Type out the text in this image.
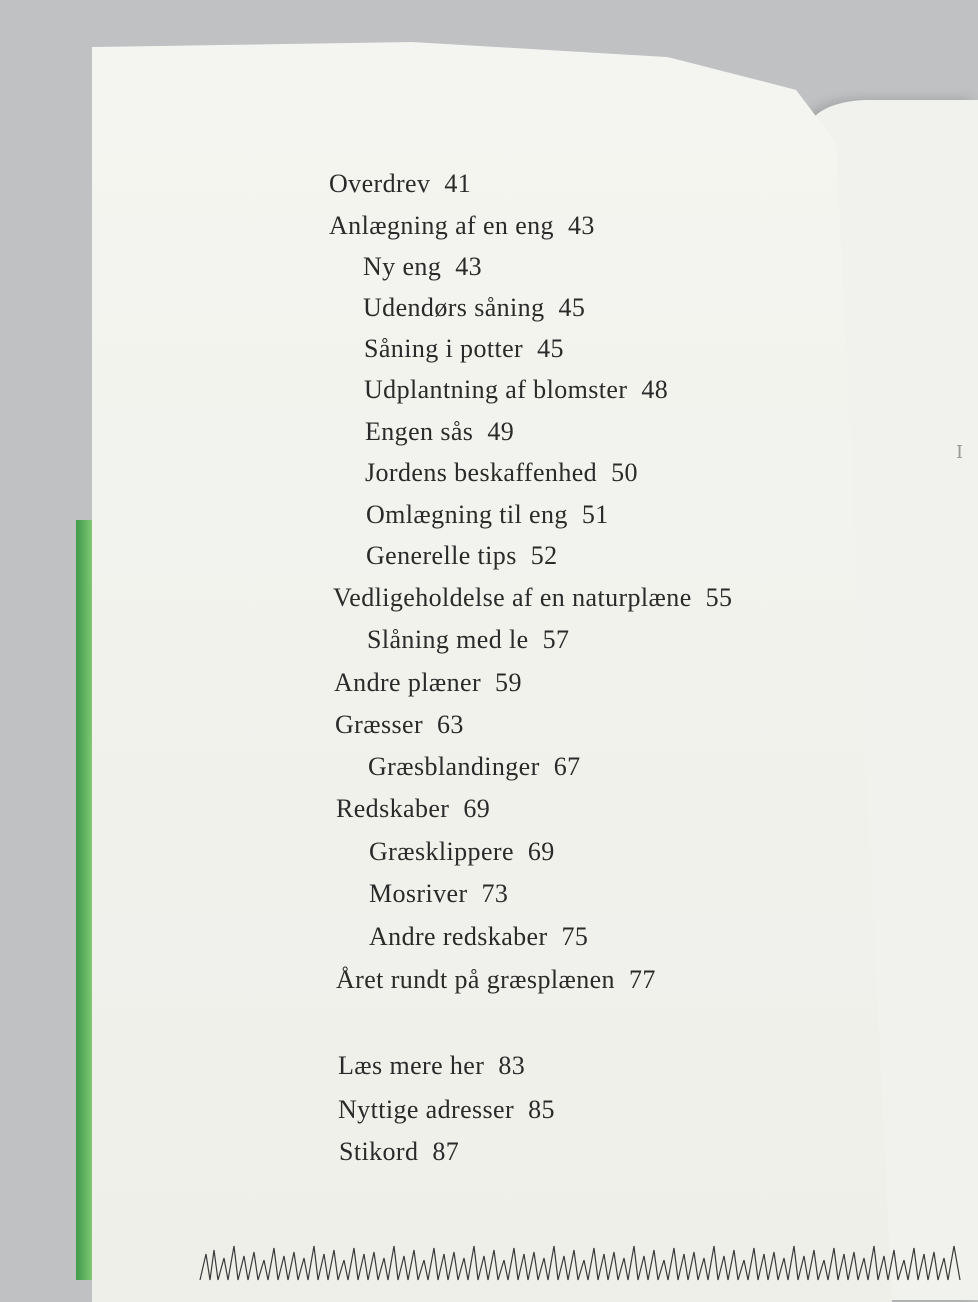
I
Overdrev 41
Anlægning af en eng 43
Ny eng 43
Udendørs såning 45
Såning i potter 45
Udplantning af blomster 48
Engen sås 49
Jordens beskaffenhed 50
Omlægning til eng 51
Generelle tips 52
Vedligeholdelse af en naturplæne 55
Slåning med le 57
Andre plæner 59
Græsser 63
Græsblandinger 67
Redskaber 69
Græsklippere 69
Mosriver 73
Andre redskaber 75
Året rundt på græsplænen 77
Læs mere her 83
Nyttige adresser 85
Stikord 87
